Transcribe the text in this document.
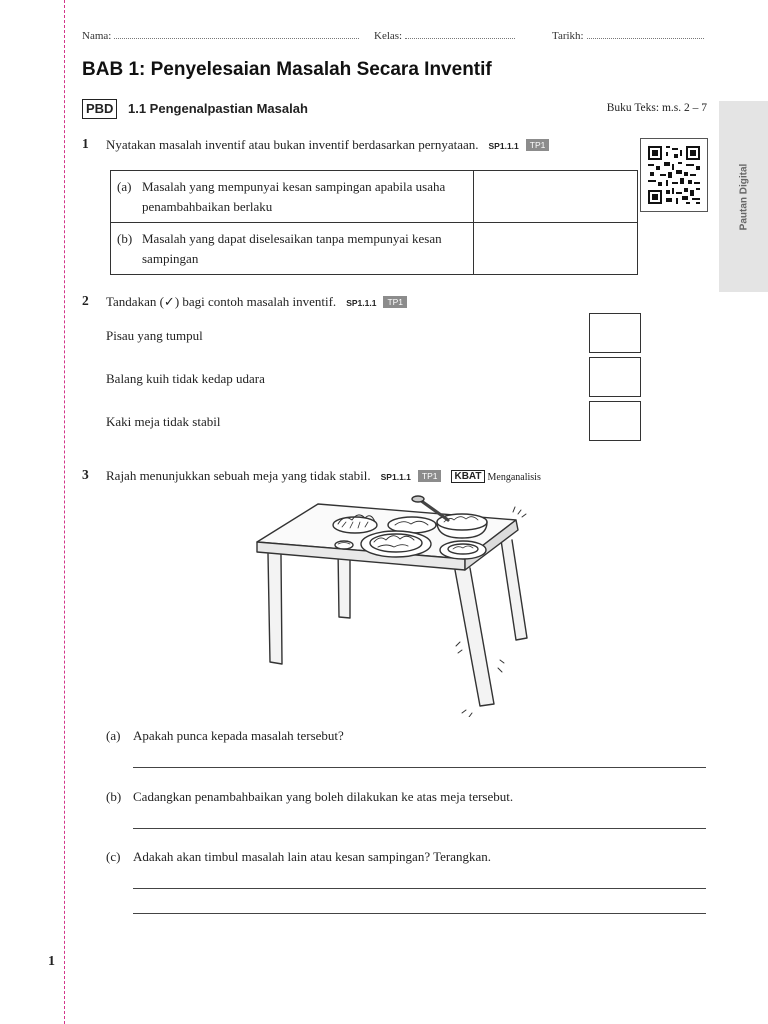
1
Pautan Digital
Nama:	Kelas:	Tarikh:
BAB 1: Penyelesaian Masalah Secara Inventif
PBD	1.1 Pengenalpastian Masalah	Buku Teks: m.s. 2 – 7
1 Nyatakan masalah inventif atau bukan inventif berdasarkan pernyataan. SP1.1.1 TP1
(a) Masalah yang mempunyai kesan sampingan apabila usaha penambahbaikan berlaku	

(b) Masalah yang dapat diselesaikan tanpa mempunyai kesan sampingan	

2 Tandakan (✓) bagi contoh masalah inventif. SP1.1.1 TP1
Pisau yang tumpul
Balang kuih tidak kedap udara
Kaki meja tidak stabil
3 Rajah menunjukkan sebuah meja yang tidak stabil. SP1.1.1 TP1 KBAT Menganalisis
(a) Apakah punca kepada masalah tersebut?
(b) Cadangkan penambahbaikan yang boleh dilakukan ke atas meja tersebut.
(c) Adakah akan timbul masalah lain atau kesan sampingan? Terangkan.
